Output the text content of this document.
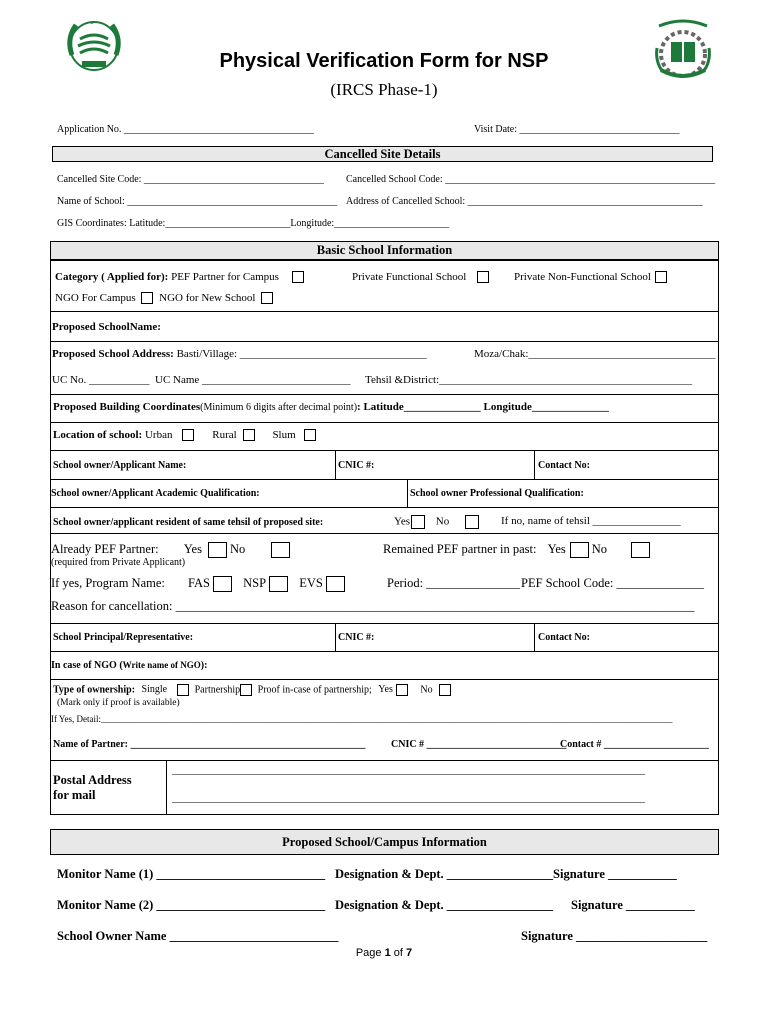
Physical Verification Form for NSP
(IRCS Phase-1)
Application No. ______________________________________	Visit Date: ________________________________
Cancelled Site Details
Cancelled Site Code: ____________________________________ Cancelled School Code: ______________________________________________________
Name of School: __________________________________________ Address of Cancelled School: _______________________________________________
GIS Coordinates: Latitude:_________________________Longitude:_______________________
Basic School Information
Category ( Applied for): PEF Partner for Campus	Private Functional School	Private Non-Functional School
NGO For Campus NGO for New School
Proposed SchoolName:
Proposed School Address: Basti/Village: __________________________________	Moza/Chak:__________________________________
UC No. ___________ UC Name ___________________________ Tehsil &District:______________________________________________
Proposed Building Coordinates(Minimum 6 digits after decimal point): Latitude______________ Longitude______________
Location of school: Urban	Rural	Slum
School owner/Applicant Name:	CNIC #:	Contact No:
School owner/Applicant Academic Qualification:	School owner Professional Qualification:
School owner/applicant resident of same tehsil of proposed site:	Yes No	If no, name of tehsil ________________
Already PEF Partner: Yes No
(required from Private Applicant)
Remained PEF partner in past: Yes No
If yes, Program Name: FAS	NSP	EVS	Period: _______________ PEF School Code: ______________
Reason for cancellation: ___________________________________________________________________________________
School Principal/Representative:	CNIC #:	Contact No:
In case of NGO (Write name of NGO):
Type of ownership: Single	Partnership Proof in-case of partnership; Yes	No
(Mark only if proof is available)
If Yes, Detail:_______________________________________________________________________________________________________________________________
Name of Partner: _______________________________________________	CNIC # ____________________________
Contact # _____________________
Postal Address
for mail
______________________________________________________________________________________
______________________________________________________________________________________
Proposed School/Campus Information
Monitor Name (1) ___________________________ Designation & Dept. _________________Signature ___________
Monitor Name (2) ___________________________ Designation & Dept. _________________ Signature ___________
School Owner Name ___________________________	Signature _____________________
Page 1 of 7
